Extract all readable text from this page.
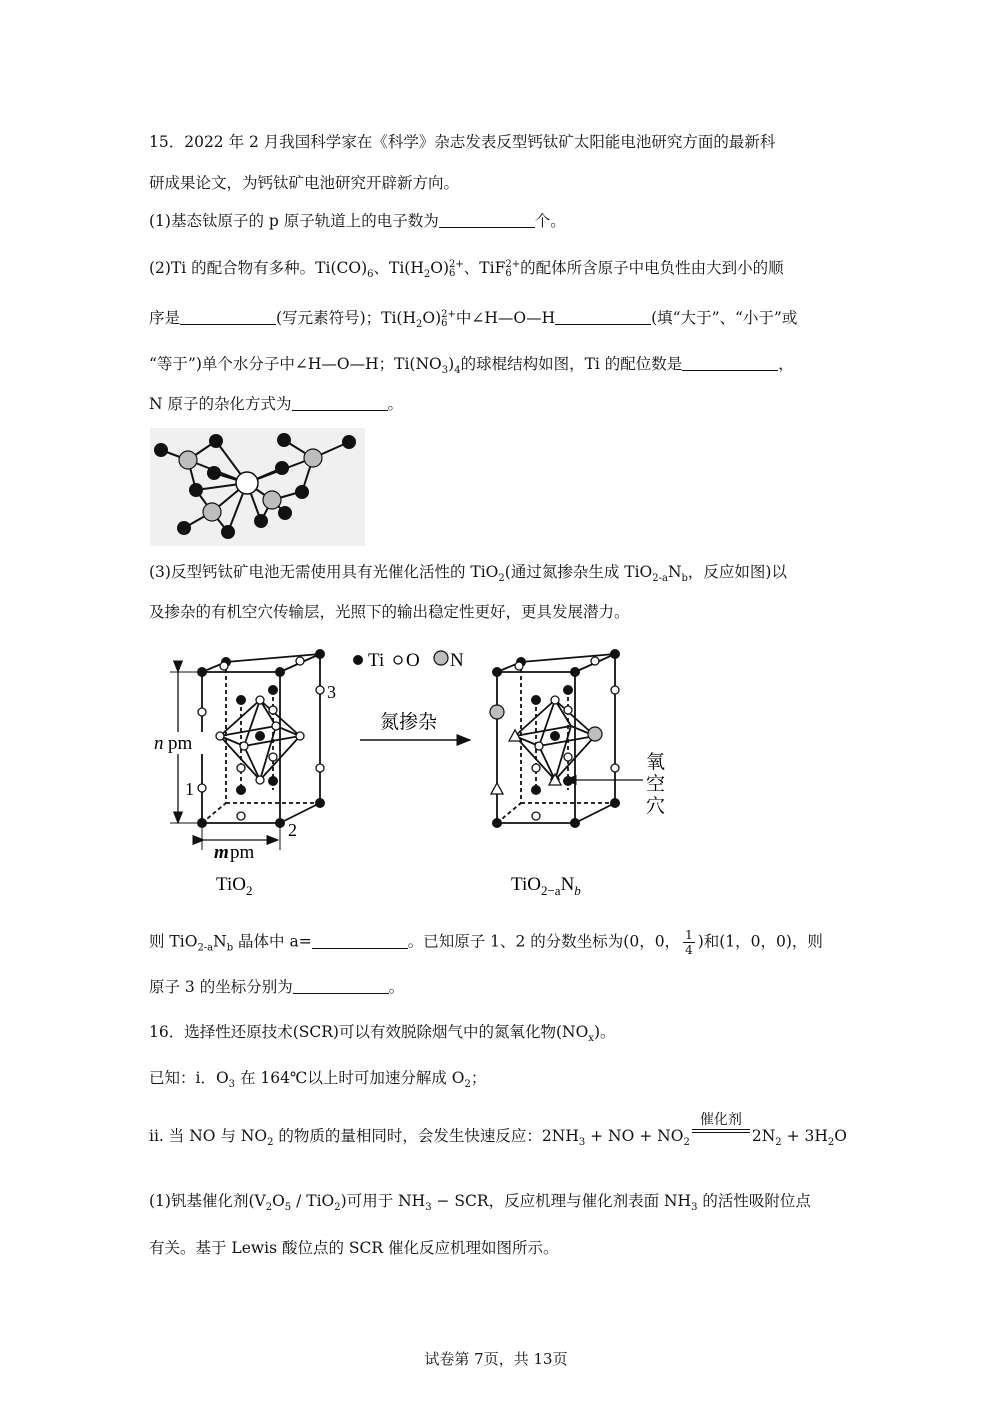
15．2022 年 2 月我国科学家在《科学》杂志发表反型钙钛矿太阳能电池研究方面的最新科
研成果论文，为钙钛矿电池研究开辟新方向。
(1)基态钛原子的 p 原子轨道上的电子数为	个。
(2)Ti 的配合物有多种。$Ti(CO)_6$、$Ti(H_2O)$ 2+
6 、TiF 2+
6 的配体所含原子中电负性由大到小的顺
序是	(写元素符号)；$Ti(H_2O)$ 2+
6 中∠H—O—H	(填“大于”、“小于”或
“等于”)单个水分子中∠H—O—H；$Ti(NO_3)_4$的球棍结构如图，Ti 的配位数是	，
N 原子的杂化方式为	。
(3)反型钙钛矿电池无需使用具有光催化活性的 TiO$_2$(通过氮掺杂生成 $TiO_{2-a}N_b$，反应如图)以
及掺杂的有机空穴传输层，光照下的输出稳定性更好，更具发展潜力。
n pm
m pm
1
2
3
TiO$_2$
Ti O N
氮掺杂
氧
空
穴
$TiO_{2-a}N_b$
则 $TiO_{2-a}N_b$ 晶体中 a=	。已知原子 1、2 的分数坐标为(0，0， $\frac{1}{4}$ )和(1，0，0)，则
原子 3 的坐标分别为	。
16．选择性还原技术(SCR)可以有效脱除烟气中的氮氧化物$(NO_x)$。
已知：i．$O_3$ 在 164℃以上时可加速分解成 $O_2$；
ii. 当 NO 与 $NO_2$ 的物质的量相同时，会发生快速反应：$2NH_3$ + NO + $NO_2$
催化剂
$2N_2 + 3H_2O$
(1)钒基催化剂$(V_2O_5 / TiO_2)$可用于 $NH_3$ − SCR，反应机理与催化剂表面 $NH_3$ 的活性吸附位点
有关。基于 Lewis 酸位点的 SCR 催化反应机理如图所示。
试卷第 7页，共 13页
